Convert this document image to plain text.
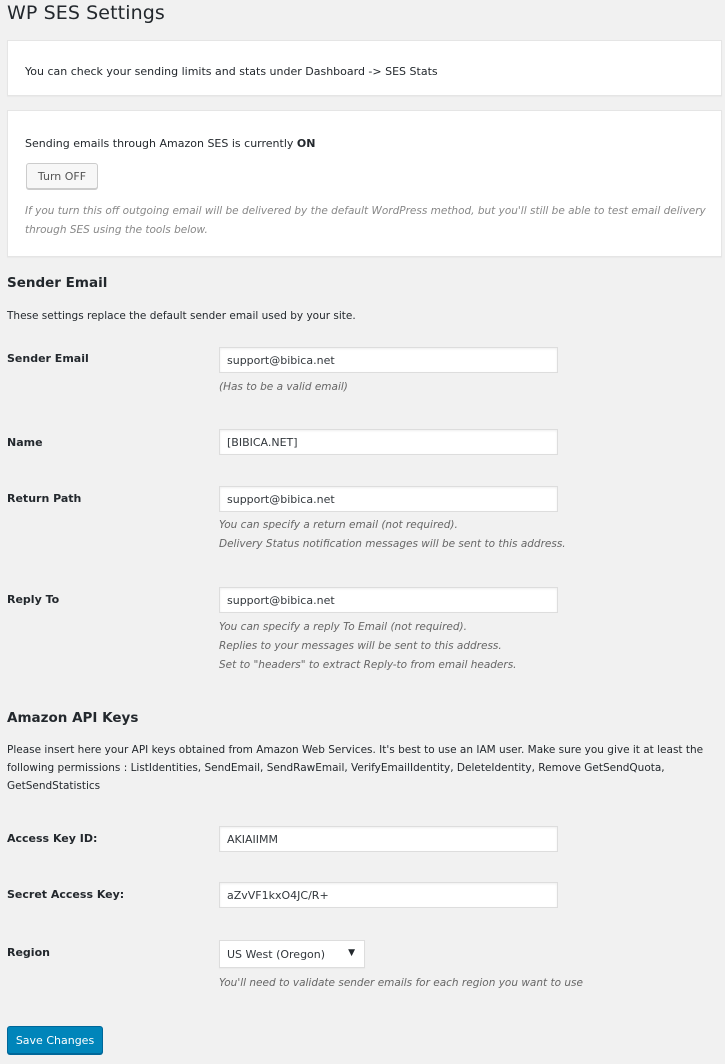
WP SES Settings
You can check your sending limits and stats under Dashboard -> SES Stats
Sending emails through Amazon SES is currently ON
Turn OFF
If you turn this off outgoing email will be delivered by the default WordPress method, but you'll still be able to test email delivery through SES using the tools below.
Sender Email
These settings replace the default sender email used by your site.
Sender Email
support@bibica.net
(Has to be a valid email)
Name
[BIBICA.NET]
Return Path
support@bibica.net
You can specify a return email (not required).
Delivery Status notification messages will be sent to this address.
Reply To
support@bibica.net
You can specify a reply To Email (not required).
Replies to your messages will be sent to this address.
Set to "headers" to extract Reply-to from email headers.
Amazon API Keys
Please insert here your API keys obtained from Amazon Web Services. It's best to use an IAM user. Make sure you give it at least the following permissions : ListIdentities, SendEmail, SendRawEmail, VerifyEmailIdentity, DeleteIdentity, Remove GetSendQuota, GetSendStatistics
Access Key ID:
AKIAIIMM
Secret Access Key:
aZvVF1kxO4JC/R+
Region	US West (Oregon)	▼
You'll need to validate sender emails for each region you want to use
Save Changes
